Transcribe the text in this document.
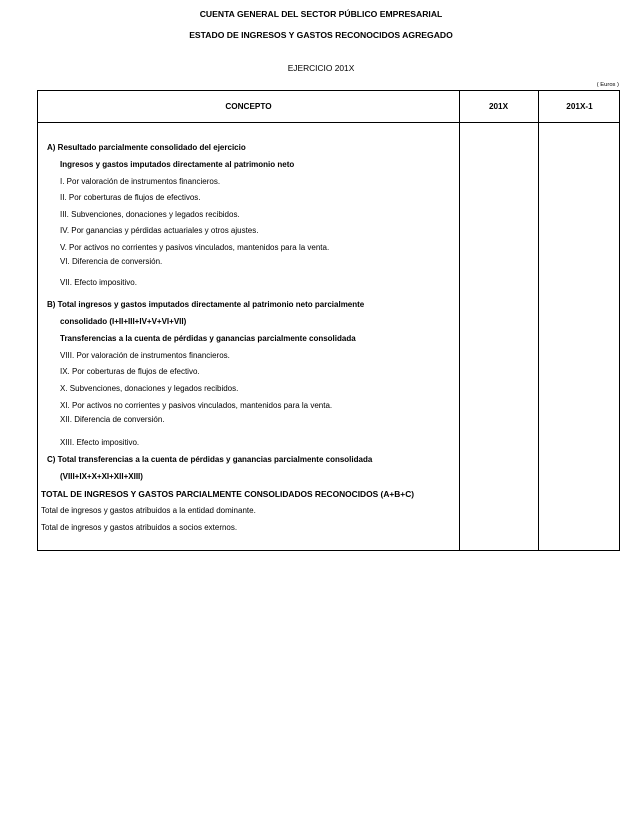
CUENTA GENERAL DEL SECTOR PÚBLICO EMPRESARIAL
ESTADO DE INGRESOS Y GASTOS RECONOCIDOS AGREGADO
EJERCICIO 201X
( Euros )
CONCEPTO	201X	201X-1
A) Resultado parcialmente consolidado del ejercicio
Ingresos y gastos imputados directamente al patrimonio neto
I. Por valoración de instrumentos financieros.
II. Por coberturas de flujos de efectivos.
III. Subvenciones, donaciones y legados recibidos.
IV. Por ganancias y pérdidas actuariales y otros ajustes.
V. Por activos no corrientes y pasivos vinculados, mantenidos para la venta.
VI. Diferencia de conversión.
VII. Efecto impositivo.
B) Total ingresos y gastos imputados directamente al patrimonio neto parcialmente
consolidado (I+II+III+IV+V+VI+VII)
Transferencias a la cuenta de pérdidas y ganancias parcialmente consolidada
VIII. Por valoración de instrumentos financieros.
IX. Por coberturas de flujos de efectivo.
X. Subvenciones, donaciones y legados recibidos.
XI. Por activos no corrientes y pasivos vinculados, mantenidos para la venta.
XII. Diferencia de conversión.
XIII. Efecto impositivo.
C) Total transferencias a la cuenta de pérdidas y ganancias parcialmente consolidada
(VIII+IX+X+XI+XII+XIII)
TOTAL DE INGRESOS Y GASTOS PARCIALMENTE CONSOLIDADOS RECONOCIDOS (A+B+C)
Total de ingresos y gastos atribuidos a la entidad dominante.
Total de ingresos y gastos atribuidos a socios externos.
